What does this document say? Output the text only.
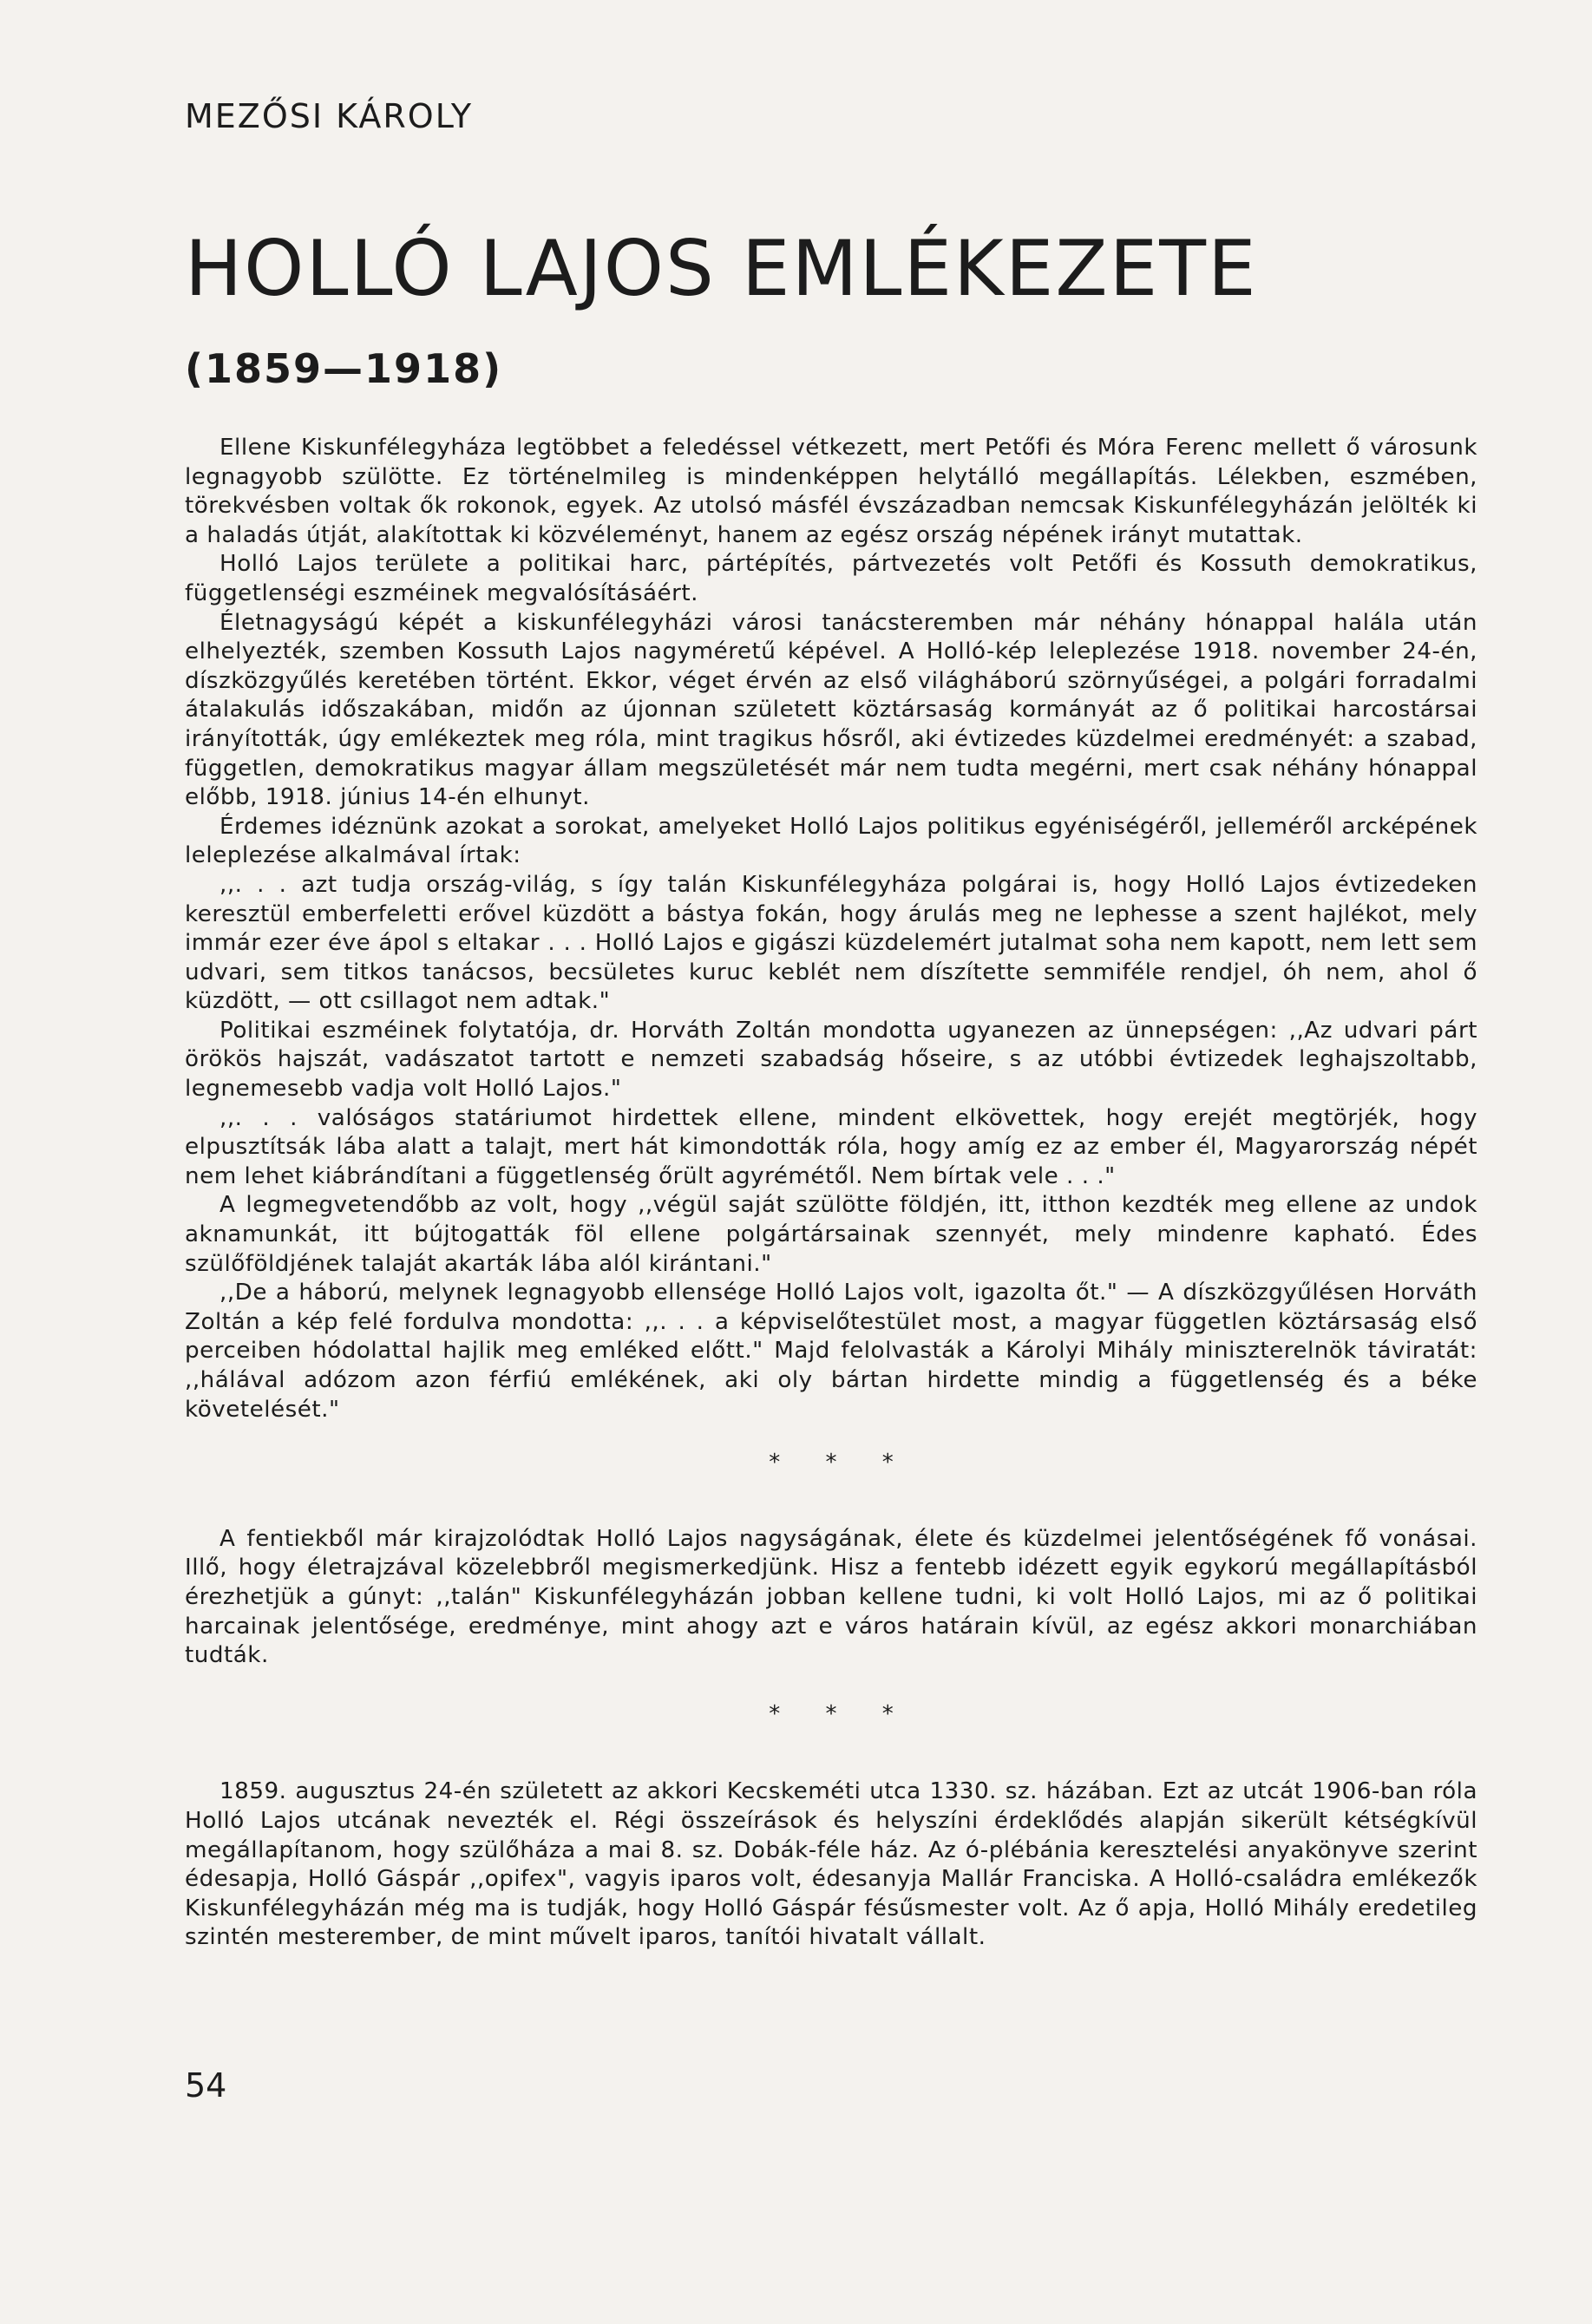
MEZŐSI KÁROLY
HOLLÓ LAJOS EMLÉKEZETE
(1859—1918)

Ellene Kiskunfélegyháza legtöbbet a feledéssel vétkezett, mert Petőfi és Móra Ferenc mellett ő városunk legnagyobb szülötte. Ez történelmileg is mindenképpen helytálló megállapítás. Lélekben, eszmében, törekvésben voltak ők rokonok, egyek. Az utolsó másfél évszázadban nemcsak Kiskunfélegyházán jelölték ki a haladás útját, alakítottak ki közvéleményt, hanem az egész ország népének irányt mutattak.

Holló Lajos területe a politikai harc, pártépítés, pártvezetés volt Petőfi és Kossuth demokratikus, függetlenségi eszméinek megvalósításáért.

Életnagyságú képét a kiskunfélegyházi városi tanácsteremben már néhány hónappal halála után elhelyezték, szemben Kossuth Lajos nagyméretű képével. A Holló-kép leleplezése 1918. november 24-én, díszközgyűlés keretében történt. Ekkor, véget érvén az első világháború szörnyűségei, a polgári forradalmi átalakulás időszakában, midőn az újonnan született köztársaság kormányát az ő politikai harcostársai irányították, úgy emlékeztek meg róla, mint tragikus hősről, aki évtizedes küzdelmei eredményét: a szabad, független, demokratikus magyar állam megszületését már nem tudta megérni, mert csak néhány hónappal előbb, 1918. június 14-én elhunyt.

Érdemes idéznünk azokat a sorokat, amelyeket Holló Lajos politikus egyéniségéről, jelleméről arcképének leleplezése alkalmával írtak:

,,. . . azt tudja ország-világ, s így talán Kiskunfélegyháza polgárai is, hogy Holló Lajos évtizedeken keresztül emberfeletti erővel küzdött a bástya fokán, hogy árulás meg ne lephesse a szent hajlékot, mely immár ezer éve ápol s eltakar . . . Holló Lajos e gigászi küzdelemért jutalmat soha nem kapott, nem lett sem udvari, sem titkos tanácsos, becsületes kuruc keblét nem díszítette semmiféle rendjel, óh nem, ahol ő küzdött, — ott csillagot nem adtak."

Politikai eszméinek folytatója, dr. Horváth Zoltán mondotta ugyanezen az ünnepségen: ,,Az udvari párt örökös hajszát, vadászatot tartott e nemzeti szabadság hőseire, s az utóbbi évtizedek leghajszoltabb, legnemesebb vadja volt Holló Lajos."

,,. . . valóságos statáriumot hirdettek ellene, mindent elkövettek, hogy erejét megtörjék, hogy elpusztítsák lába alatt a talajt, mert hát kimondották róla, hogy amíg ez az ember él, Magyarország népét nem lehet kiábrándítani a függetlenség őrült agyrémétől. Nem bírtak vele . . ."

A legmegvetendőbb az volt, hogy ,,végül saját szülötte földjén, itt, itthon kezdték meg ellene az undok aknamunkát, itt bújtogatták föl ellene polgártársainak szennyét, mely mindenre kapható. Édes szülőföldjének talaját akarták lába alól kirántani."

,,De a háború, melynek legnagyobb ellensége Holló Lajos volt, igazolta őt." — A díszközgyűlésen Horváth Zoltán a kép felé fordulva mondotta: ,,. . . a képviselőtestület most, a magyar független köztársaság első perceiben hódolattal hajlik meg emléked előtt." Majd felolvasták a Károlyi Mihály miniszterelnök táviratát: ,,hálával adózom azon férfiú emlékének, aki oly bártan hirdette mindig a függetlenség és a béke követelését."

* * *

A fentiekből már kirajzolódtak Holló Lajos nagyságának, élete és küzdelmei jelentőségének fő vonásai. Illő, hogy életrajzával közelebbről megismerkedjünk. Hisz a fentebb idézett egyik egykorú megállapításból érezhetjük a gúnyt: ,,talán" Kiskunfélegyházán jobban kellene tudni, ki volt Holló Lajos, mi az ő politikai harcainak jelentősége, eredménye, mint ahogy azt e város határain kívül, az egész akkori monarchiában tudták.

* * *

1859. augusztus 24-én született az akkori Kecskeméti utca 1330. sz. házában. Ezt az utcát 1906-ban róla Holló Lajos utcának nevezték el. Régi összeírások és helyszíni érdeklődés alapján sikerült kétségkívül megállapítanom, hogy szülőháza a mai 8. sz. Dobák-féle ház. Az ó-plébánia keresztelési anyakönyve szerint édesapja, Holló Gáspár ,,opifex", vagyis iparos volt, édesanyja Mallár Franciska. A Holló-családra emlékezők Kiskunfélegyházán még ma is tudják, hogy Holló Gáspár fésűsmester volt. Az ő apja, Holló Mihály eredetileg szintén mesterember, de mint művelt iparos, tanítói hivatalt vállalt.

54
